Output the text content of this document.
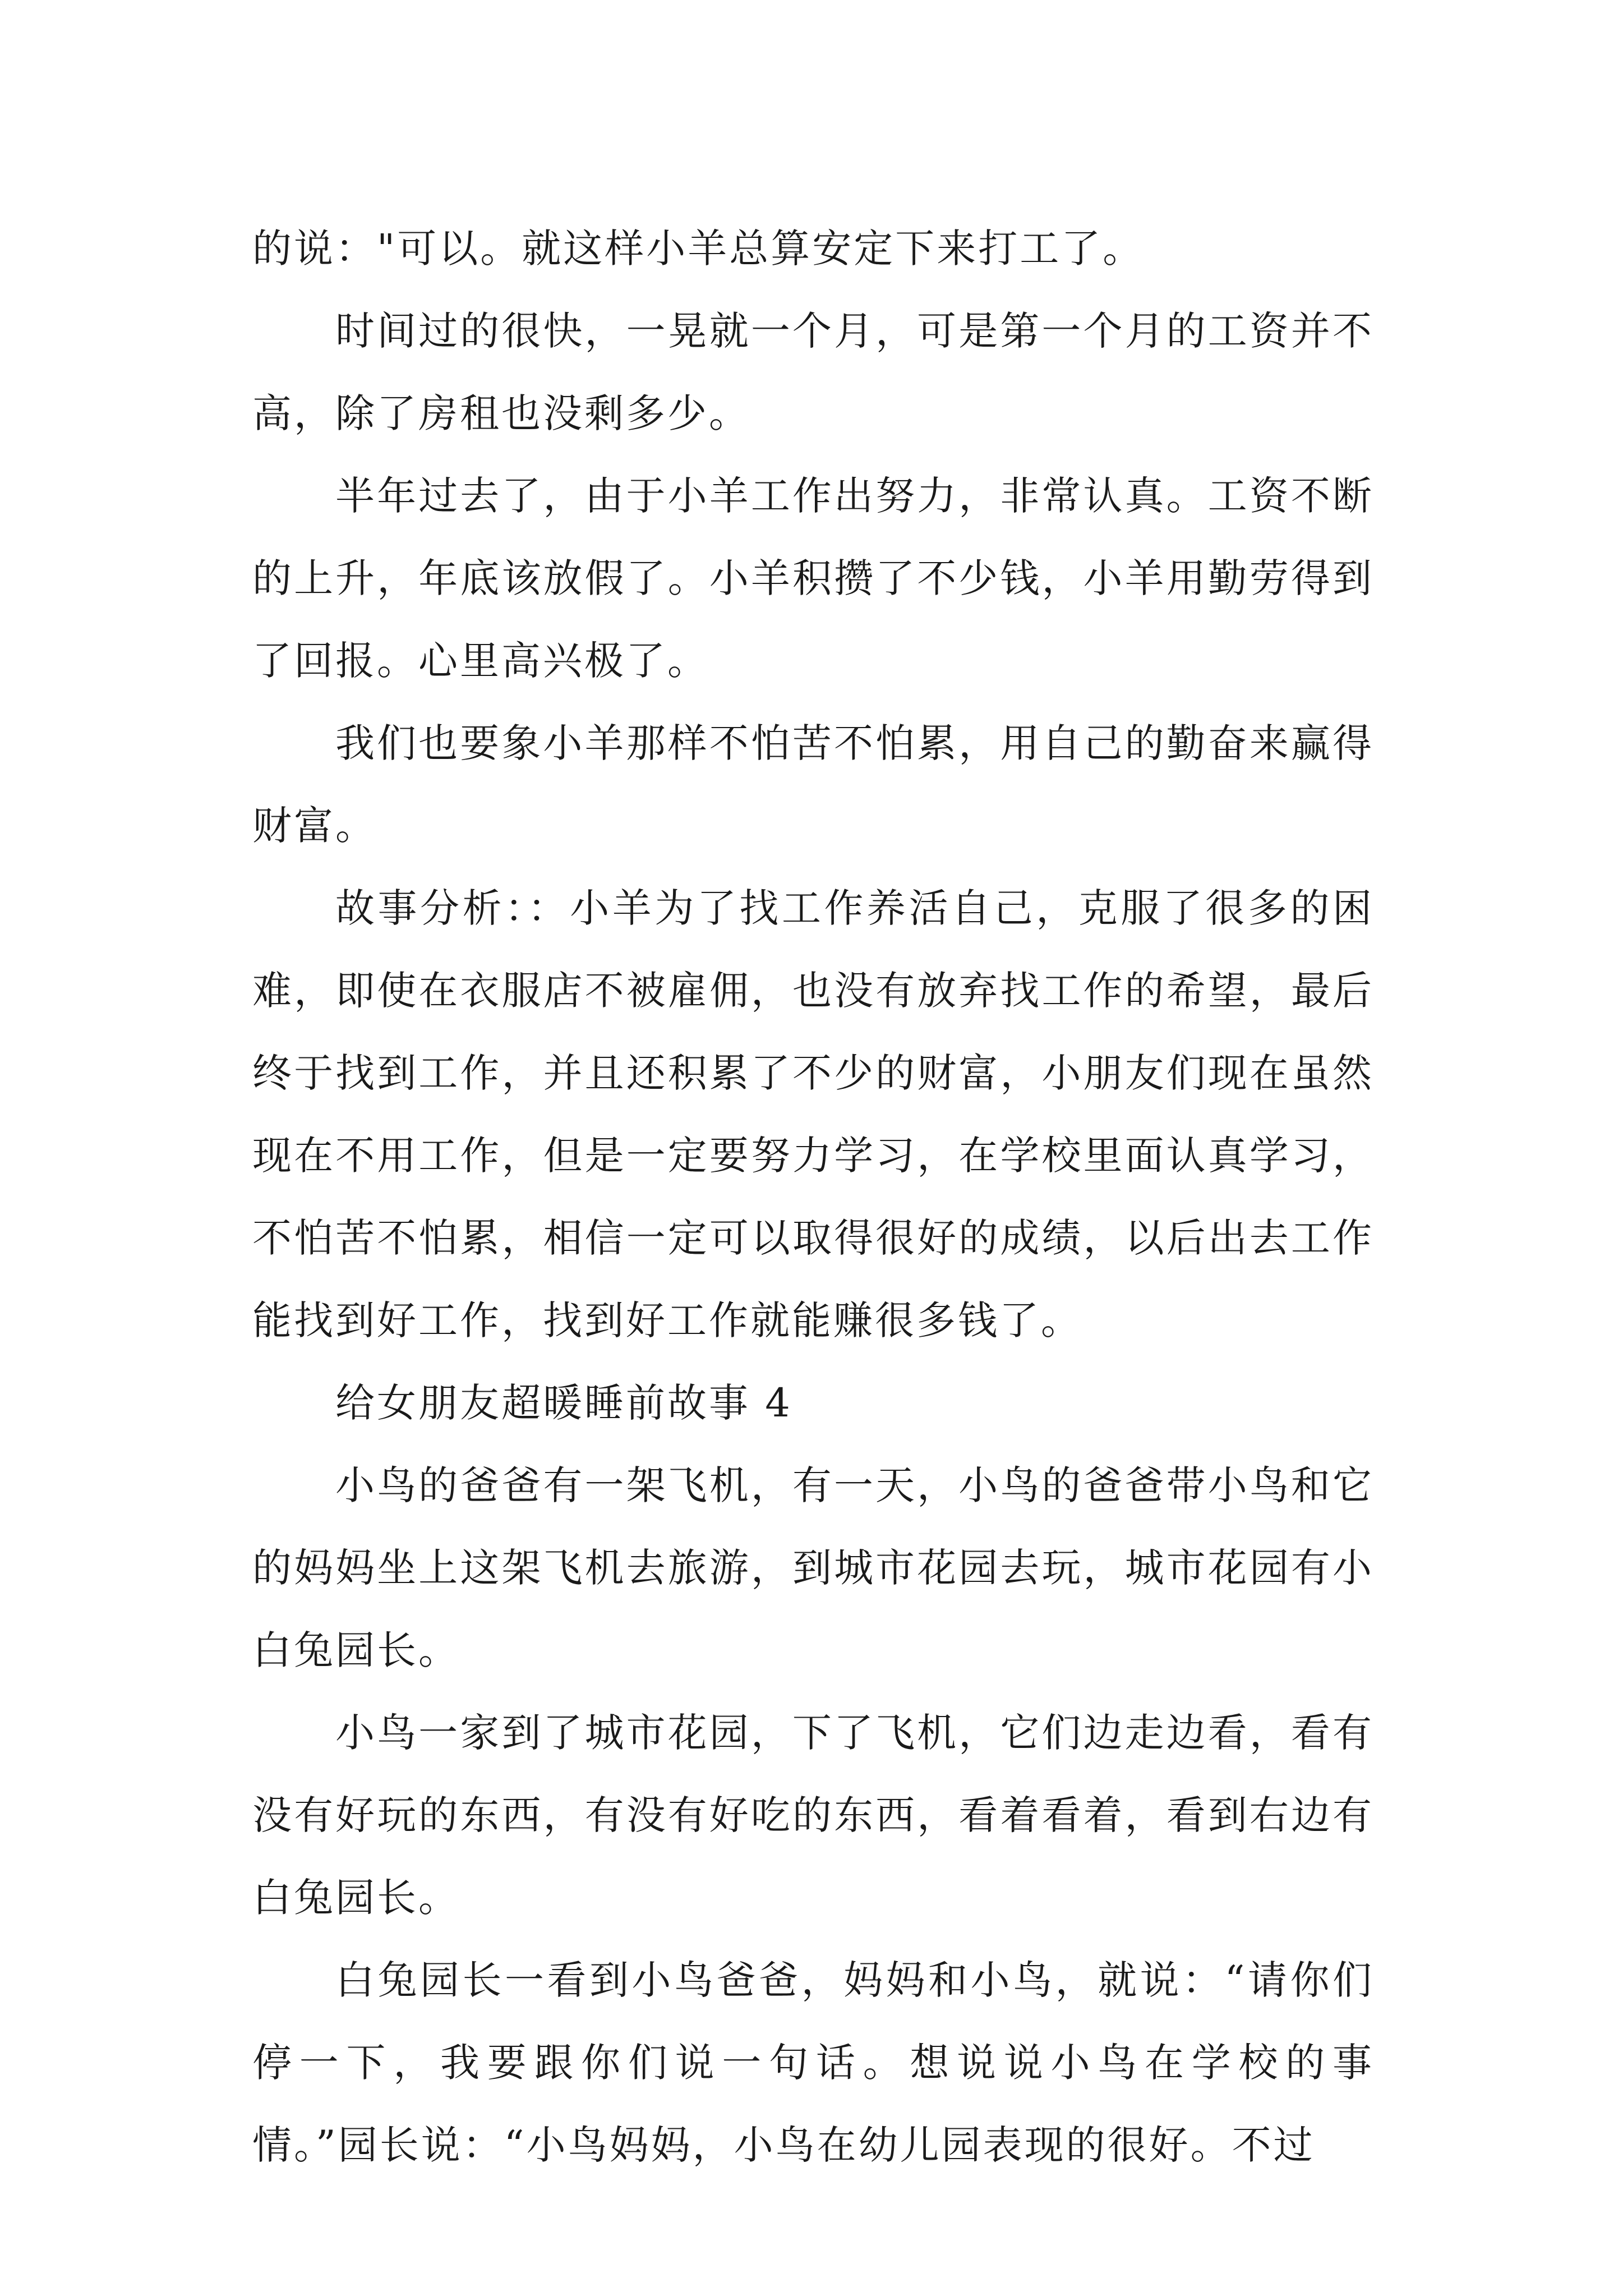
的说："可以。就这样小羊总算安定下来打工了。

时间过的很快，一晃就一个月，可是第一个月的工资并不高，除了房租也没剩多少。

半年过去了，由于小羊工作出努力，非常认真。工资不断的上升，年底该放假了。小羊积攒了不少钱，小羊用勤劳得到了回报。心里高兴极了。

我们也要象小羊那样不怕苦不怕累，用自己的勤奋来赢得财富。

故事分析：：小羊为了找工作养活自己，克服了很多的困难，即使在衣服店不被雇佣，也没有放弃找工作的希望，最后终于找到工作，并且还积累了不少的财富，小朋友们现在虽然现在不用工作，但是一定要努力学习，在学校里面认真学习，不怕苦不怕累，相信一定可以取得很好的成绩，以后出去工作能找到好工作，找到好工作就能赚很多钱了。

给女朋友超暖睡前故事 4

小鸟的爸爸有一架飞机，有一天，小鸟的爸爸带小鸟和它的妈妈坐上这架飞机去旅游，到城市花园去玩，城市花园有小白兔园长。

小鸟一家到了城市花园，下了飞机，它们边走边看，看有没有好玩的东西，有没有好吃的东西，看着看着，看到右边有白兔园长。

白兔园长一看到小鸟爸爸，妈妈和小鸟，就说：“请你们停一下，我要跟你们说一句话。想说说小鸟在学校的事情。”园长说：“小鸟妈妈，小鸟在幼儿园表现的很好。不过
